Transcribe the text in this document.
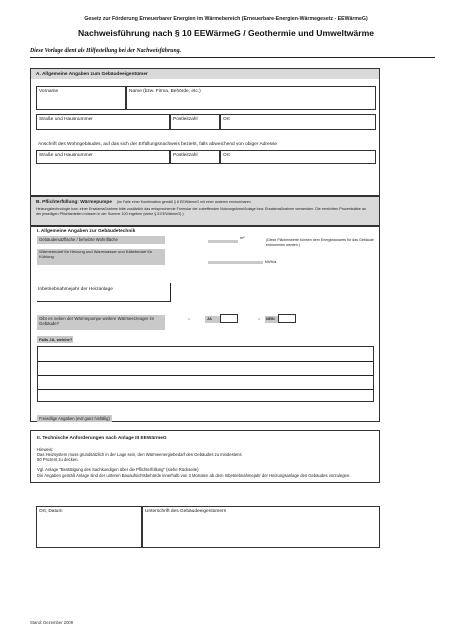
Gesetz zur Förderung Erneuerbarer Energien im Wärmebereich (Erneuerbare-Energien-Wärmegesetz - EEWärmeG)
Nachweisführung nach § 10 EEWärmeG / Geothermie und Umweltwärme
Diese Vorlage dient als Hilfestellung bei der Nachweisführung.
A. Allgemeine Angaben zum Gebäudeeigentümer
Vorname	Name (bzw. Firma, Behörde, etc.)
Straße und Hausnummer	Postleitzahl	Ort
Anschrift des Wohngebäudes, auf das sich der Erfüllungsnachweis bezieht, falls abweichend von obiger Adresse
Straße und Hausnummer	Postleitzahl	Ort
B. Pflichterfüllung: Wärmepumpe (im Falle einer Kombination gemäß § 8 EEWärmeG mit einer anderen erneuerbaren
Heizungstechnologie bzw. einer Ersatzmaßnahme bitte zusätzlich das entsprechende Formular der zutreffenden Nutzungsform/Anlage bzw. Ersatzmaßnahme verwenden. Die erreichten Prozentsätze an der jeweiligen Pflichtanteilen müssen in der Summe 100 ergeben (siehe § 8 EEWärmeG).)
I. Allgemeine Angaben zur Gebäudetechnik
Gebäudenutzfläche / beheizte Wohnfläche	m²	(Diese Flächenwerte können dem Energieausweis für das Gebäude entnommen werden.)
Wärmebedarf für Heizung und Warmwasser und Kältebedarf für Kühlung
kWh/a
Inbetriebnahmejahr der Heizanlage
Gibt es neben der Wärmepumpe weitere Wärmeerzeuger im Gebäude?
○	JA	○ NEIN
Falls JA, welche?
Freiwillige Angaben (evtl ganz hinfällig)
II. Technische Anforderungen nach Anlage III EEWärmeG
Hinweis:
Das Heizsystem muss grundsätzlich in der Lage sein, den Wärmeenergiebedarf des Gebäudes zu mindestens 50 Prozent zu decken.
Vgl. Anlage "Bestätigung des Sachkundigen über die Pflichterfüllung" (siehe Rückseite)
Die Angaben gemäß Anlage sind der unteren Bauaufsichtsbehörde innerhalb von 3 Monaten ab dem Inbetriebnahmejahr der Heizungsanlage des Gebäudes vorzulegen.
Ort, Datum	Unterschrift des Gebäudeeigentümers
Stand: Dezember 2009
